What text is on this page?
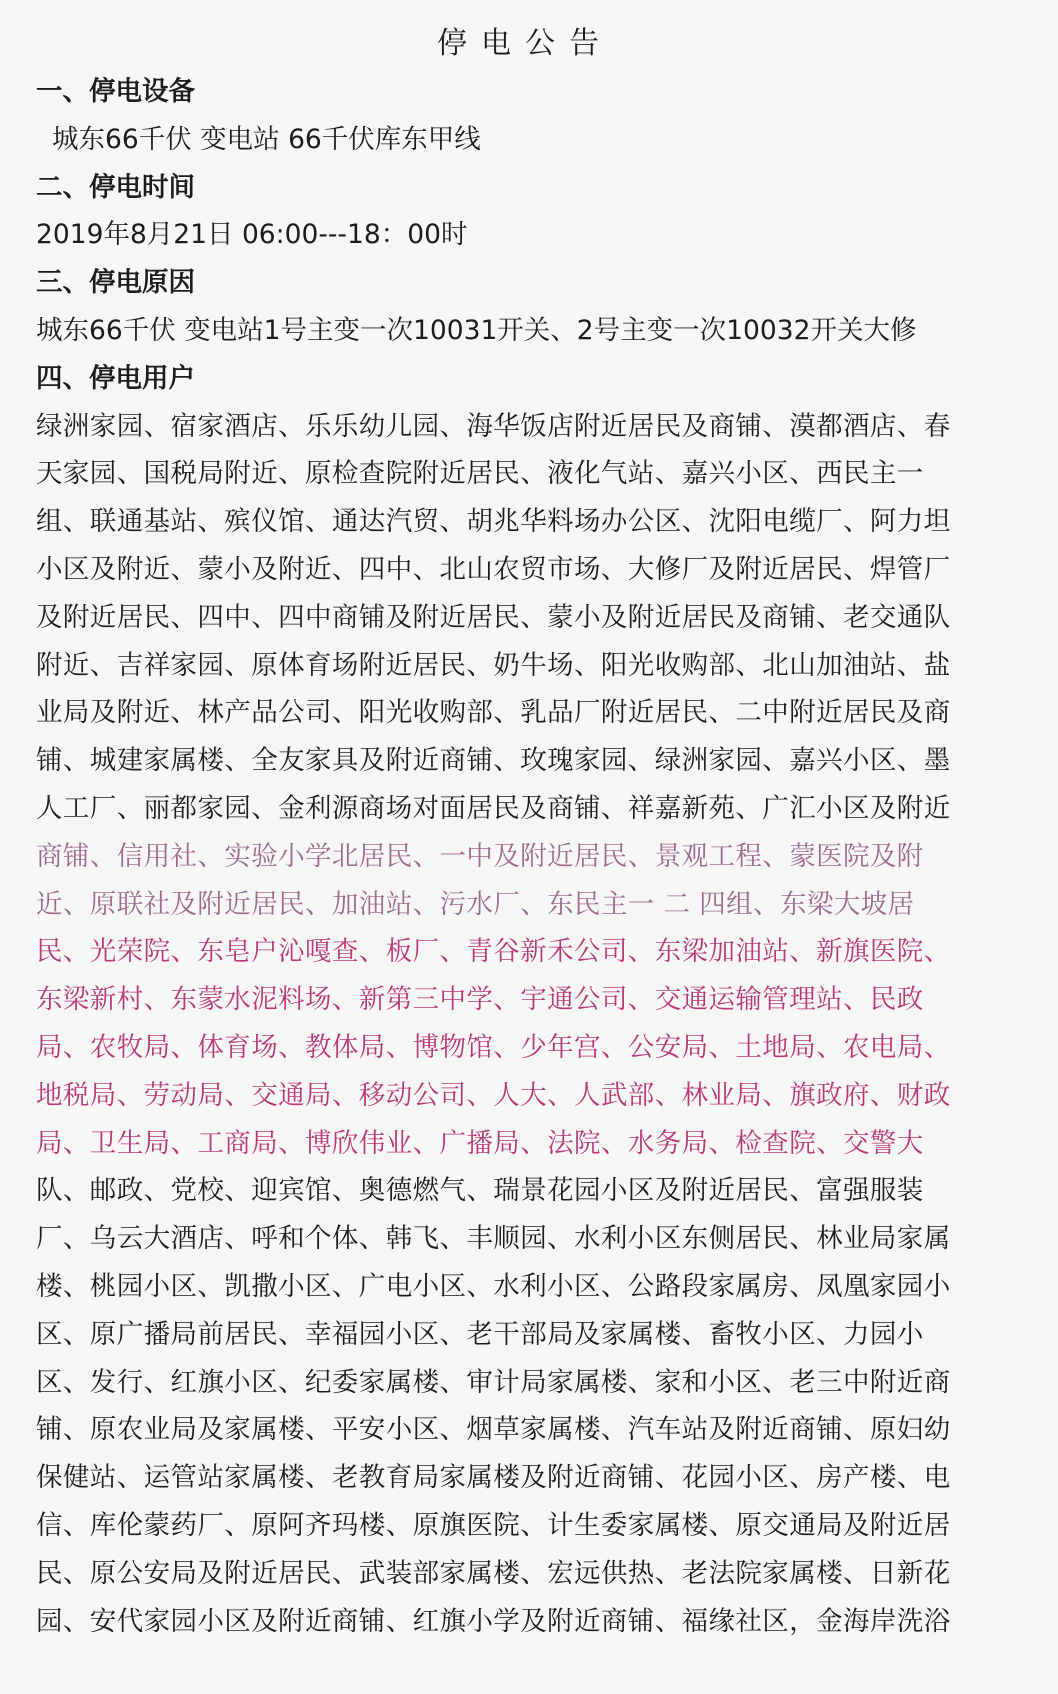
停电公告
一、停电设备
城东66千伏 变电站 66千伏库东甲线
二、停电时间
2019年8月21日 06:00---18：00时
三、停电原因
城东66千伏 变电站1号主变一次10031开关、2号主变一次10032开关大修
四、停电用户
绿洲家园、宿家酒店、乐乐幼儿园、海华饭店附近居民及商铺、漠都酒店、春
天家园、国税局附近、原检查院附近居民、液化气站、嘉兴小区、西民主一
组、联通基站、殡仪馆、通达汽贸、胡兆华料场办公区、沈阳电缆厂、阿力坦
小区及附近、蒙小及附近、四中、北山农贸市场、大修厂及附近居民、焊管厂
及附近居民、四中、四中商铺及附近居民、蒙小及附近居民及商铺、老交通队
附近、吉祥家园、原体育场附近居民、奶牛场、阳光收购部、北山加油站、盐
业局及附近、林产品公司、阳光收购部、乳品厂附近居民、二中附近居民及商
铺、城建家属楼、全友家具及附近商铺、玫瑰家园、绿洲家园、嘉兴小区、墨
人工厂、丽都家园、金利源商场对面居民及商铺、祥嘉新苑、广汇小区及附近
商铺、信用社、实验小学北居民、一中及附近居民、景观工程、蒙医院及附
近、原联社及附近居民、加油站、污水厂、东民主一 二 四组、东梁大坡居
民、光荣院、东皂户沁嘎查、板厂、青谷新禾公司、东梁加油站、新旗医院、
东梁新村、东蒙水泥料场、新第三中学、宇通公司、交通运输管理站、民政
局、农牧局、体育场、教体局、博物馆、少年宫、公安局、土地局、农电局、
地税局、劳动局、交通局、移动公司、人大、人武部、林业局、旗政府、财政
局、卫生局、工商局、博欣伟业、广播局、法院、水务局、检查院、交警大
队、邮政、党校、迎宾馆、奥德燃气、瑞景花园小区及附近居民、富强服装
厂、乌云大酒店、呼和个体、韩飞、丰顺园、水利小区东侧居民、林业局家属
楼、桃园小区、凯撒小区、广电小区、水利小区、公路段家属房、凤凰家园小
区、原广播局前居民、幸福园小区、老干部局及家属楼、畜牧小区、力园小
区、发行、红旗小区、纪委家属楼、审计局家属楼、家和小区、老三中附近商
铺、原农业局及家属楼、平安小区、烟草家属楼、汽车站及附近商铺、原妇幼
保健站、运管站家属楼、老教育局家属楼及附近商铺、花园小区、房产楼、电
信、库伦蒙药厂、原阿齐玛楼、原旗医院、计生委家属楼、原交通局及附近居
民、原公安局及附近居民、武装部家属楼、宏远供热、老法院家属楼、日新花
园、安代家园小区及附近商铺、红旗小学及附近商铺、福缘社区，金海岸洗浴
